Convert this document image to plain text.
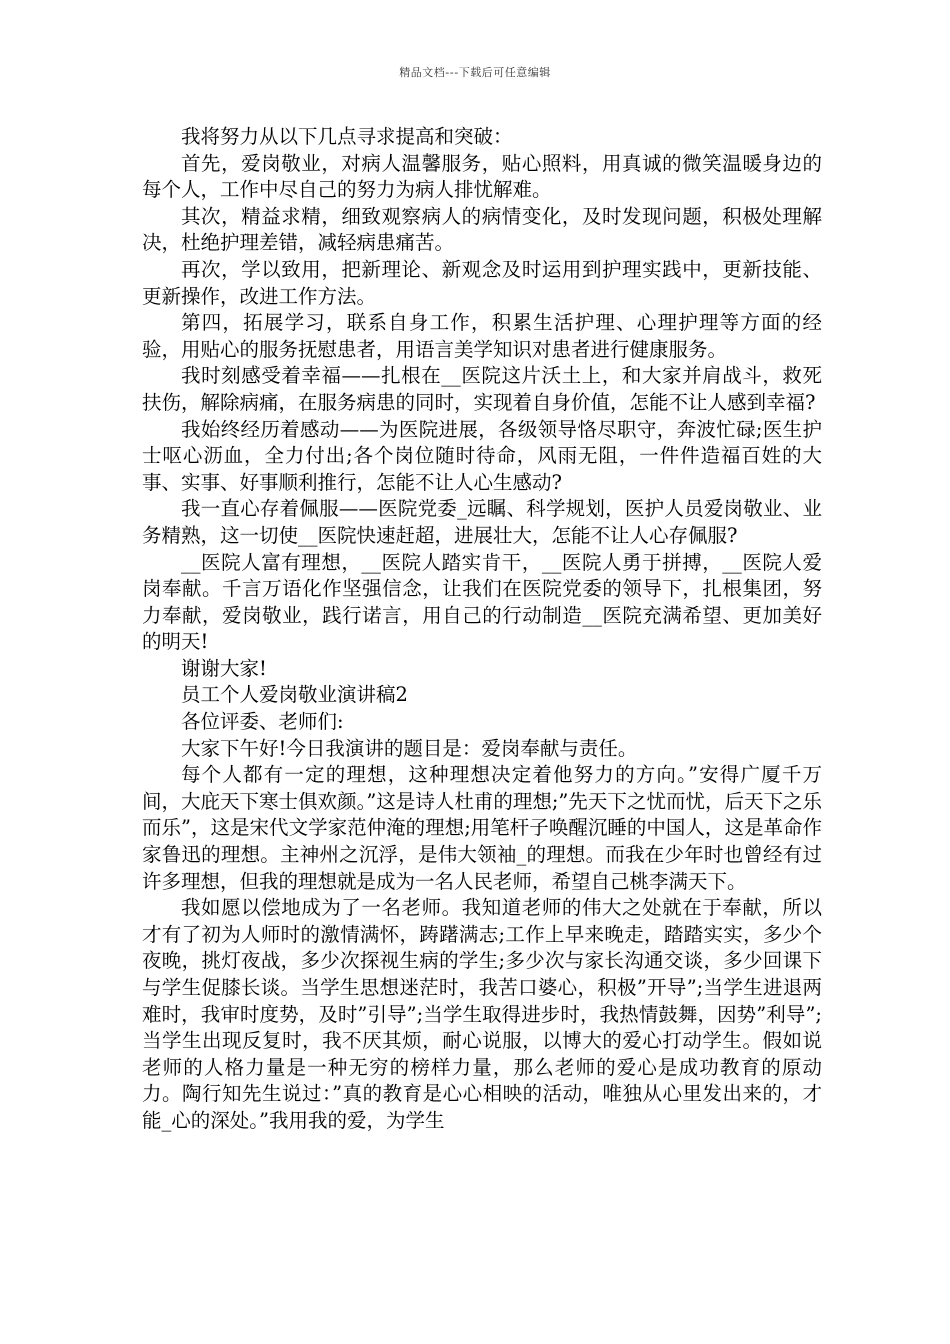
精品文档---下载后可任意编辑

我将努力从以下几点寻求提高和突破：

首先，爱岗敬业，对病人温馨服务，贴心照料，用真诚的微笑温暖身边的每个人，工作中尽自己的努力为病人排忧解难。

其次，精益求精，细致观察病人的病情变化，及时发现问题，积极处理解决，杜绝护理差错，减轻病患痛苦。

再次，学以致用，把新理论、新观念及时运用到护理实践中，更新技能、更新操作，改进工作方法。

第四，拓展学习，联系自身工作，积累生活护理、心理护理等方面的经验，用贴心的服务抚慰患者，用语言美学知识对患者进行健康服务。

我时刻感受着幸福——扎根在__医院这片沃土上，和大家并肩战斗，救死扶伤，解除病痛，在服务病患的同时，实现着自身价值，怎能不让人感到幸福?

我始终经历着感动——为医院进展，各级领导恪尽职守，奔波忙碌;医生护士呕心沥血，全力付出;各个岗位随时待命，风雨无阻，一件件造福百姓的大事、实事、好事顺利推行，怎能不让人心生感动?

我一直心存着佩服——医院党委_远瞩、科学规划，医护人员爱岗敬业、业务精熟，这一切使__医院快速赶超，进展壮大，怎能不让人心存佩服?

__医院人富有理想，__医院人踏实肯干，__医院人勇于拼搏，__医院人爱岗奉献。千言万语化作坚强信念，让我们在医院党委的领导下，扎根集团，努力奉献，爱岗敬业，践行诺言，用自己的行动制造__医院充满希望、更加美好的明天!

谢谢大家!

员工个人爱岗敬业演讲稿2

各位评委、老师们:

大家下午好!今日我演讲的题目是：爱岗奉献与责任。

每个人都有一定的理想，这种理想决定着他努力的方向。”安得广厦千万间，大庇天下寒士俱欢颜。”这是诗人杜甫的理想;”先天下之忧而忧，后天下之乐而乐”，这是宋代文学家范仲淹的理想;用笔杆子唤醒沉睡的中国人，这是革命作家鲁迅的理想。主神州之沉浮，是伟大领袖_的理想。而我在少年时也曾经有过许多理想，但我的理想就是成为一名人民老师，希望自己桃李满天下。

我如愿以偿地成为了一名老师。我知道老师的伟大之处就在于奉献，所以才有了初为人师时的激情满怀，踌躇满志;工作上早来晚走，踏踏实实，多少个夜晚，挑灯夜战，多少次探视生病的学生;多少次与家长沟通交谈，多少回课下与学生促膝长谈。当学生思想迷茫时，我苦口婆心，积极”开导”;当学生进退两难时，我审时度势，及时”引导”;当学生取得进步时，我热情鼓舞，因势”利导”;当学生出现反复时，我不厌其烦，耐心说服，以博大的爱心打动学生。假如说老师的人格力量是一种无穷的榜样力量，那么老师的爱心是成功教育的原动力。陶行知先生说过：”真的教育是心心相映的活动，唯独从心里发出来的，才能_心的深处。”我用我的爱，为学生
